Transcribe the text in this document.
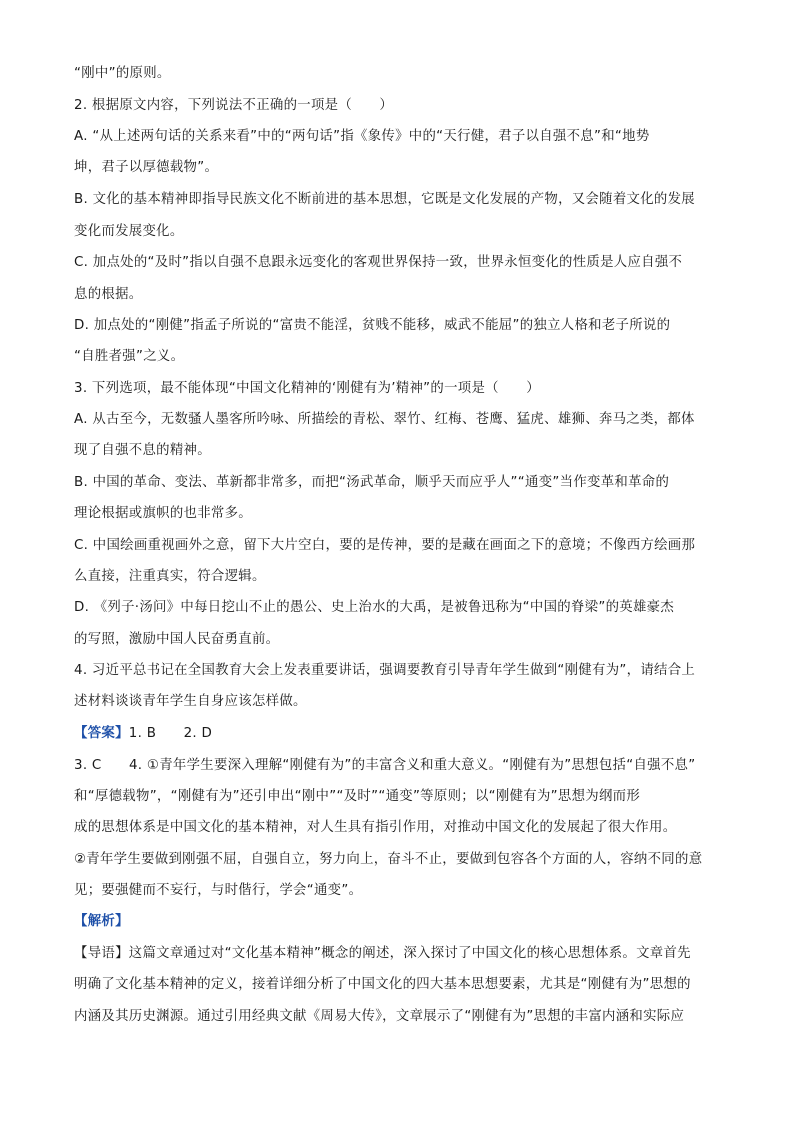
“刚中”的原则。
2. 根据原文内容，下列说法不正确的一项是（　　）
A. “从上述两句话的关系来看”中的“两句话”指《象传》中的“天行健，君子以自强不息”和“地势
坤，君子以厚德载物”。
B. 文化的基本精神即指导民族文化不断前进的基本思想，它既是文化发展的产物，又会随着文化的发展
变化而发展变化。
C. 加点处的“及时”指以自强不息跟永远变化的客观世界保持一致，世界永恒变化的性质是人应自强不
息的根据。
D. 加点处的“刚健”指孟子所说的“富贵不能淫，贫贱不能移，威武不能屈”的独立人格和老子所说的
“自胜者强”之义。
3. 下列选项，最不能体现“中国文化精神的‘刚健有为’精神”的一项是（　　）
A. 从古至今，无数骚人墨客所吟咏、所描绘的青松、翠竹、红梅、苍鹰、猛虎、雄狮、奔马之类，都体
现了自强不息的精神。
B. 中国的革命、变法、革新都非常多，而把“汤武革命，顺乎天而应乎人”“通变”当作变革和革命的
理论根据或旗帜的也非常多。
C. 中国绘画重视画外之意，留下大片空白，要的是传神，要的是藏在画面之下的意境；不像西方绘画那
么直接，注重真实，符合逻辑。
D. 《列子·汤问》中每日挖山不止的愚公、史上治水的大禹，是被鲁迅称为“中国的脊梁”的英雄豪杰
的写照，激励中国人民奋勇直前。
4. 习近平总书记在全国教育大会上发表重要讲话，强调要教育引导青年学生做到“刚健有为”，请结合上
述材料谈谈青年学生自身应该怎样做。
【答案】1. B　　2. D
3. C　　4. ①青年学生要深入理解“刚健有为”的丰富含义和重大意义。“刚健有为”思想包括“自强不息”
和“厚德载物”，“刚健有为”还引申出“刚中”“及时”“通变”等原则；以“刚健有为”思想为纲而形
成的思想体系是中国文化的基本精神，对人生具有指引作用，对推动中国文化的发展起了很大作用。
②青年学生要做到刚强不屈，自强自立，努力向上，奋斗不止，要做到包容各个方面的人，容纳不同的意
见；要强健而不妄行，与时偕行，学会“通变”。
【解析】
【导语】这篇文章通过对“文化基本精神”概念的阐述，深入探讨了中国文化的核心思想体系。文章首先
明确了文化基本精神的定义，接着详细分析了中国文化的四大基本思想要素，尤其是“刚健有为”思想的
内涵及其历史渊源。通过引用经典文献《周易大传》，文章展示了“刚健有为”思想的丰富内涵和实际应
